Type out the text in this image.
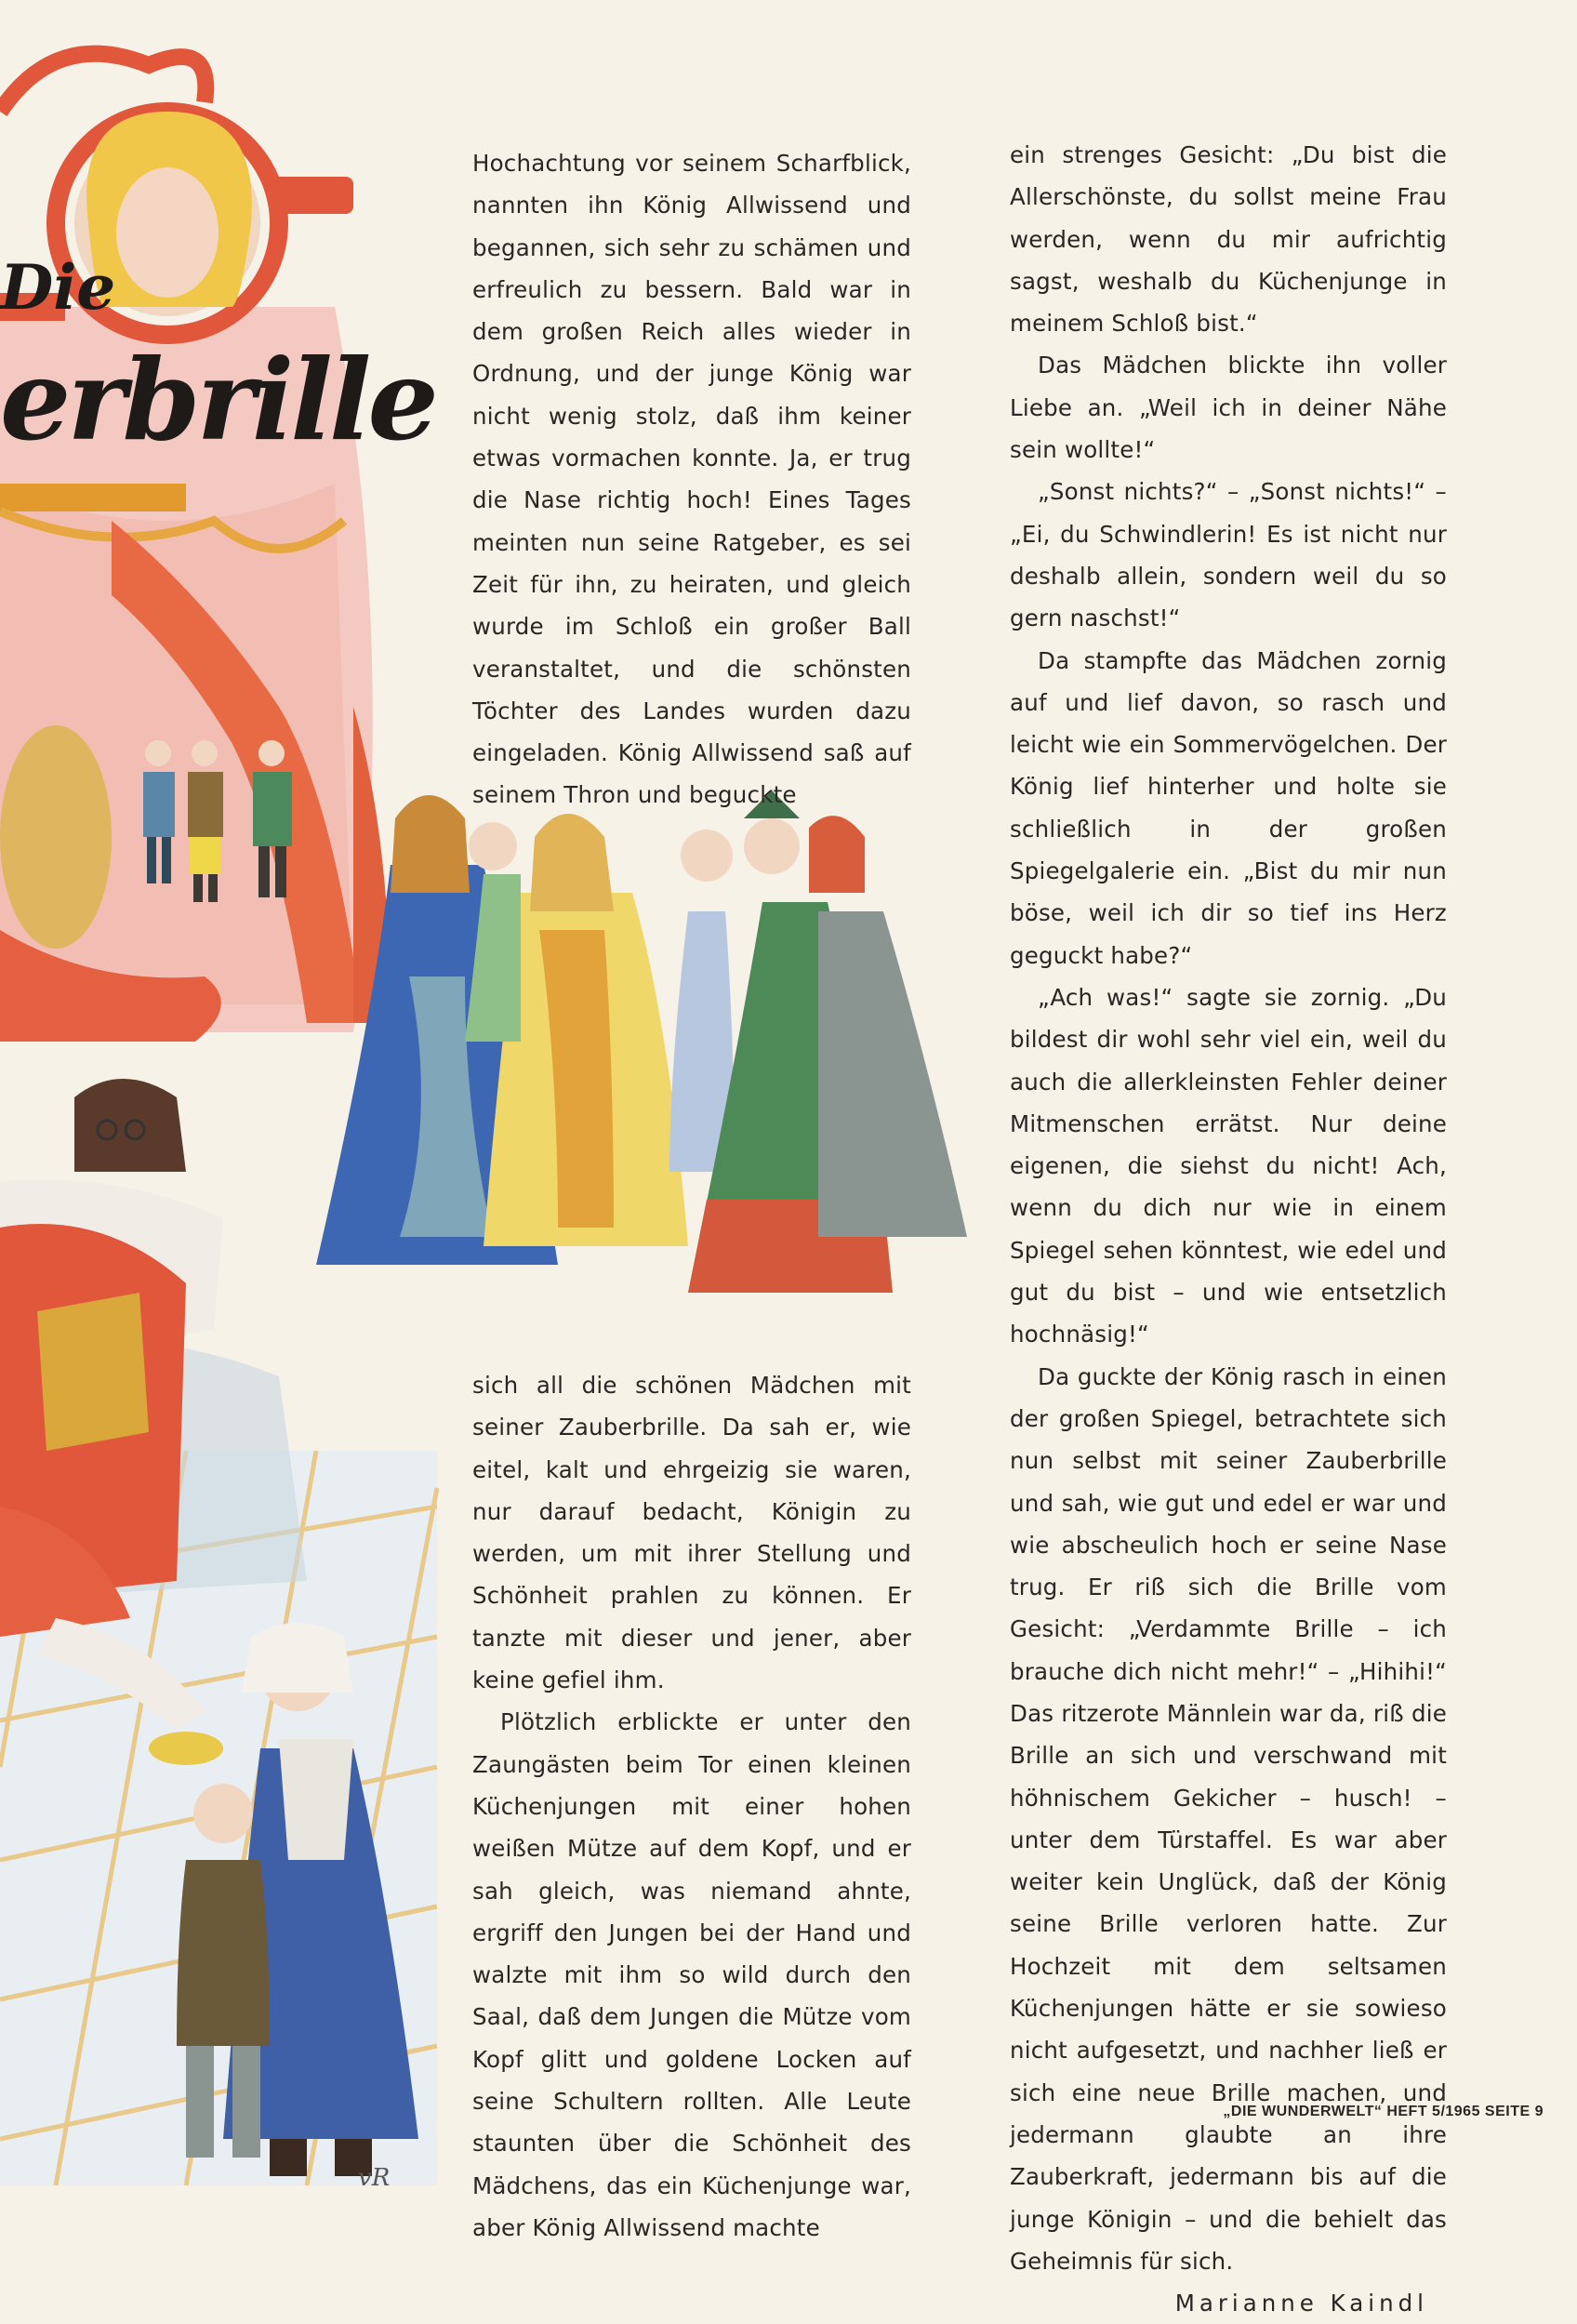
vR
Die
erbrille

Hochachtung vor seinem Scharfblick, nannten ihn König Allwissend und begannen, sich sehr zu schämen und erfreulich zu bessern. Bald war in dem großen Reich alles wieder in Ordnung, und der junge König war nicht wenig stolz, daß ihm keiner etwas vormachen konnte. Ja, er trug die Nase richtig hoch! Eines Tages meinten nun seine Ratgeber, es sei Zeit für ihn, zu heiraten, und gleich wurde im Schloß ein großer Ball veranstaltet, und die schönsten Töchter des Landes wurden dazu eingeladen. König Allwissend saß auf seinem Thron und beguckte

sich all die schönen Mädchen mit seiner Zauberbrille. Da sah er, wie eitel, kalt und ehrgeizig sie waren, nur darauf bedacht, Königin zu werden, um mit ihrer Stellung und Schönheit prahlen zu können. Er tanzte mit dieser und jener, aber keine gefiel ihm.

Plötzlich erblickte er unter den Zaungästen beim Tor einen kleinen Küchenjungen mit einer hohen weißen Mütze auf dem Kopf, und er sah gleich, was niemand ahnte, ergriff den Jungen bei der Hand und walzte mit ihm so wild durch den Saal, daß dem Jungen die Mütze vom Kopf glitt und goldene Locken auf seine Schultern rollten. Alle Leute staunten über die Schönheit des Mädchens, das ein Küchenjunge war, aber König Allwissend machte

ein strenges Gesicht: „Du bist die Allerschönste, du sollst meine Frau werden, wenn du mir aufrichtig sagst, weshalb du Küchenjunge in meinem Schloß bist.“

Das Mädchen blickte ihn voller Liebe an. „Weil ich in deiner Nähe sein wollte!“

„Sonst nichts?“ – „Sonst nichts!“ – „Ei, du Schwindlerin! Es ist nicht nur deshalb allein, sondern weil du so gern naschst!“

Da stampfte das Mädchen zornig auf und lief davon, so rasch und leicht wie ein Sommervögelchen. Der König lief hinterher und holte sie schließlich in der großen Spiegelgalerie ein. „Bist du mir nun böse, weil ich dir so tief ins Herz geguckt habe?“

„Ach was!“ sagte sie zornig. „Du bildest dir wohl sehr viel ein, weil du auch die allerkleinsten Fehler deiner Mitmenschen errätst. Nur deine eigenen, die siehst du nicht! Ach, wenn du dich nur wie in einem Spiegel sehen könntest, wie edel und gut du bist – und wie entsetzlich hochnäsig!“

Da guckte der König rasch in einen der großen Spiegel, betrachtete sich nun selbst mit seiner Zauberbrille und sah, wie gut und edel er war und wie abscheulich hoch er seine Nase trug. Er riß sich die Brille vom Gesicht: „Verdammte Brille – ich brauche dich nicht mehr!“ – „Hihihi!“ Das ritzerote Männlein war da, riß die Brille an sich und verschwand mit höhnischem Gekicher – husch! – unter dem Türstaffel. Es war aber weiter kein Unglück, daß der König seine Brille verloren hatte. Zur Hochzeit mit dem seltsamen Küchenjungen hätte er sie sowieso nicht aufgesetzt, und nachher ließ er sich eine neue Brille machen, und jedermann glaubte an ihre Zauberkraft, jedermann bis auf die junge Königin – und die behielt das Geheimnis für sich.
Marianne Kaindl

„DIE WUNDERWELT“ HEFT 5/1965 SEITE 9
